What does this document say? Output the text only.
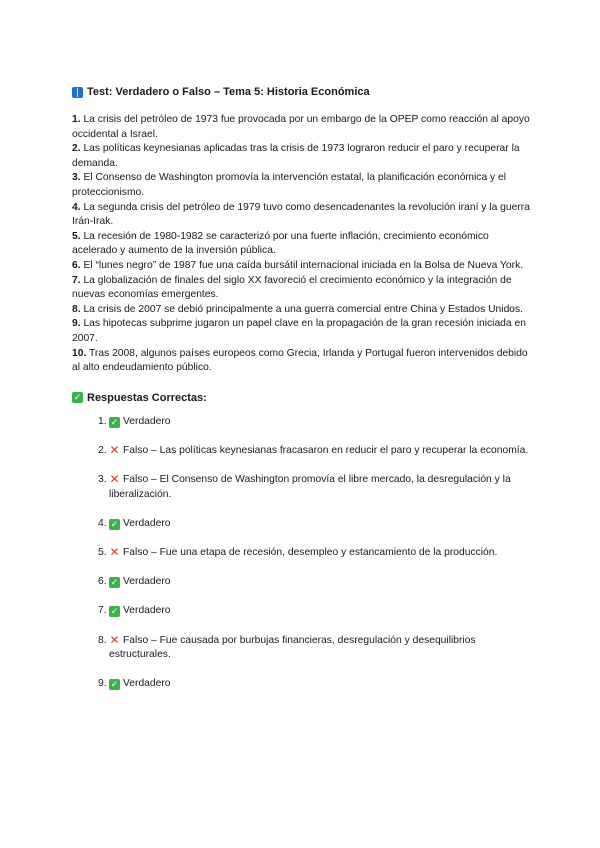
Test: Verdadero o Falso – Tema 5: Historia Económica

1. La crisis del petróleo de 1973 fue provocada por un embargo de la OPEP como reacción al apoyo occidental a Israel.

2. Las políticas keynesianas aplicadas tras la crisis de 1973 lograron reducir el paro y recuperar la demanda.

3. El Consenso de Washington promovía la intervención estatal, la planificación económica y el proteccionismo.

4. La segunda crisis del petróleo de 1979 tuvo como desencadenantes la revolución iraní y la guerra Irán-Irak.

5. La recesión de 1980-1982 se caracterizó por una fuerte inflación, crecimiento económico acelerado y aumento de la inversión pública.

6. El “lunes negro” de 1987 fue una caída bursátil internacional iniciada en la Bolsa de Nueva York.

7. La globalización de finales del siglo XX favoreció el crecimiento económico y la integración de nuevas economías emergentes.

8. La crisis de 2007 se debió principalmente a una guerra comercial entre China y Estados Unidos.

9. Las hipotecas subprime jugaron un papel clave en la propagación de la gran recesión iniciada en 2007.

10. Tras 2008, algunos países europeos como Grecia, Irlanda y Portugal fueron intervenidos debido al alto endeudamiento público.

✓ Respuestas Correctas:
1. ✓ Verdadero
2. ✕ Falso – Las políticas keynesianas fracasaron en reducir el paro y recuperar la economía.
3. ✕ Falso – El Consenso de Washington promovía el libre mercado, la desregulación y la liberalización.
4. ✓ Verdadero
5. ✕ Falso – Fue una etapa de recesión, desempleo y estancamiento de la producción.
6. ✓ Verdadero
7. ✓ Verdadero
8. ✕ Falso – Fue causada por burbujas financieras, desregulación y desequilibrios estructurales.
9. ✓ Verdadero
